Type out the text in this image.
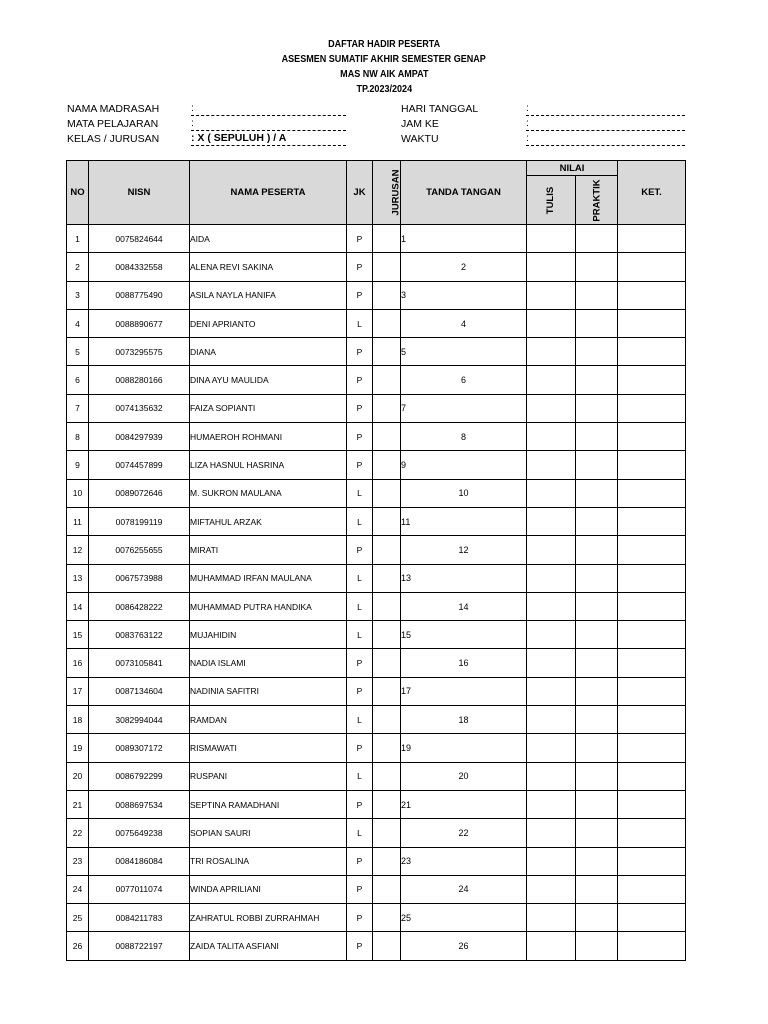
DAFTAR HADIR PESERTA
ASESMEN SUMATIF AKHIR SEMESTER GENAP
MAS NW AIK AMPAT
TP.2023/2024
NAMA MADRASAH	:
MATA PELAJARAN	:
KELAS / JURUSAN	: X ( SEPULUH ) / A
HARI TANGGAL	:
JAM KE	:
WAKTU	:
NO	NISN	NAMA PESERTA	JK	JURUSAN	TANDA TANGAN	NILAI		KET.
						TULIS	PRAKTIK	
1	0075824644	AIDA	P		1			
2	0084332558	ALENA REVI SAKINA	P		2			
3	0088775490	ASILA NAYLA HANIFA	P		3			
4	0088890677	DENI APRIANTO	L		4			
5	0073295575	DIANA	P		5			
6	0088280166	DINA AYU MAULIDA	P		6			
7	0074135632	FAIZA SOPIANTI	P		7			
8	0084297939	HUMAEROH ROHMANI	P		8			
9	0074457899	LIZA HASNUL HASRINA	P		9			
10	0089072646	M. SUKRON MAULANA	L		10			
11	0078199119	MIFTAHUL ARZAK	L		11			
12	0076255655	MIRATI	P		12			
13	0067573988	MUHAMMAD IRFAN MAULANA	L		13			
14	0086428222	MUHAMMAD PUTRA HANDIKA	L		14			
15	0083763122	MUJAHIDIN	L		15			
16	0073105841	NADIA ISLAMI	P		16			
17	0087134604	NADINIA SAFITRI	P		17			
18	3082994044	RAMDAN	L		18			
19	0089307172	RISMAWATI	P		19			
20	0086792299	RUSPANI	L		20			
21	0088697534	SEPTINA RAMADHANI	P		21			
22	0075649238	SOPIAN SAURI	L		22			
23	0084186084	TRI ROSALINA	P		23			
24	0077011074	WINDA APRILIANI	P		24			
25	0084211783	ZAHRATUL ROBBI ZURRAHMAH	P		25			
26	0088722197	ZAIDA TALITA ASFIANI	P		26			
